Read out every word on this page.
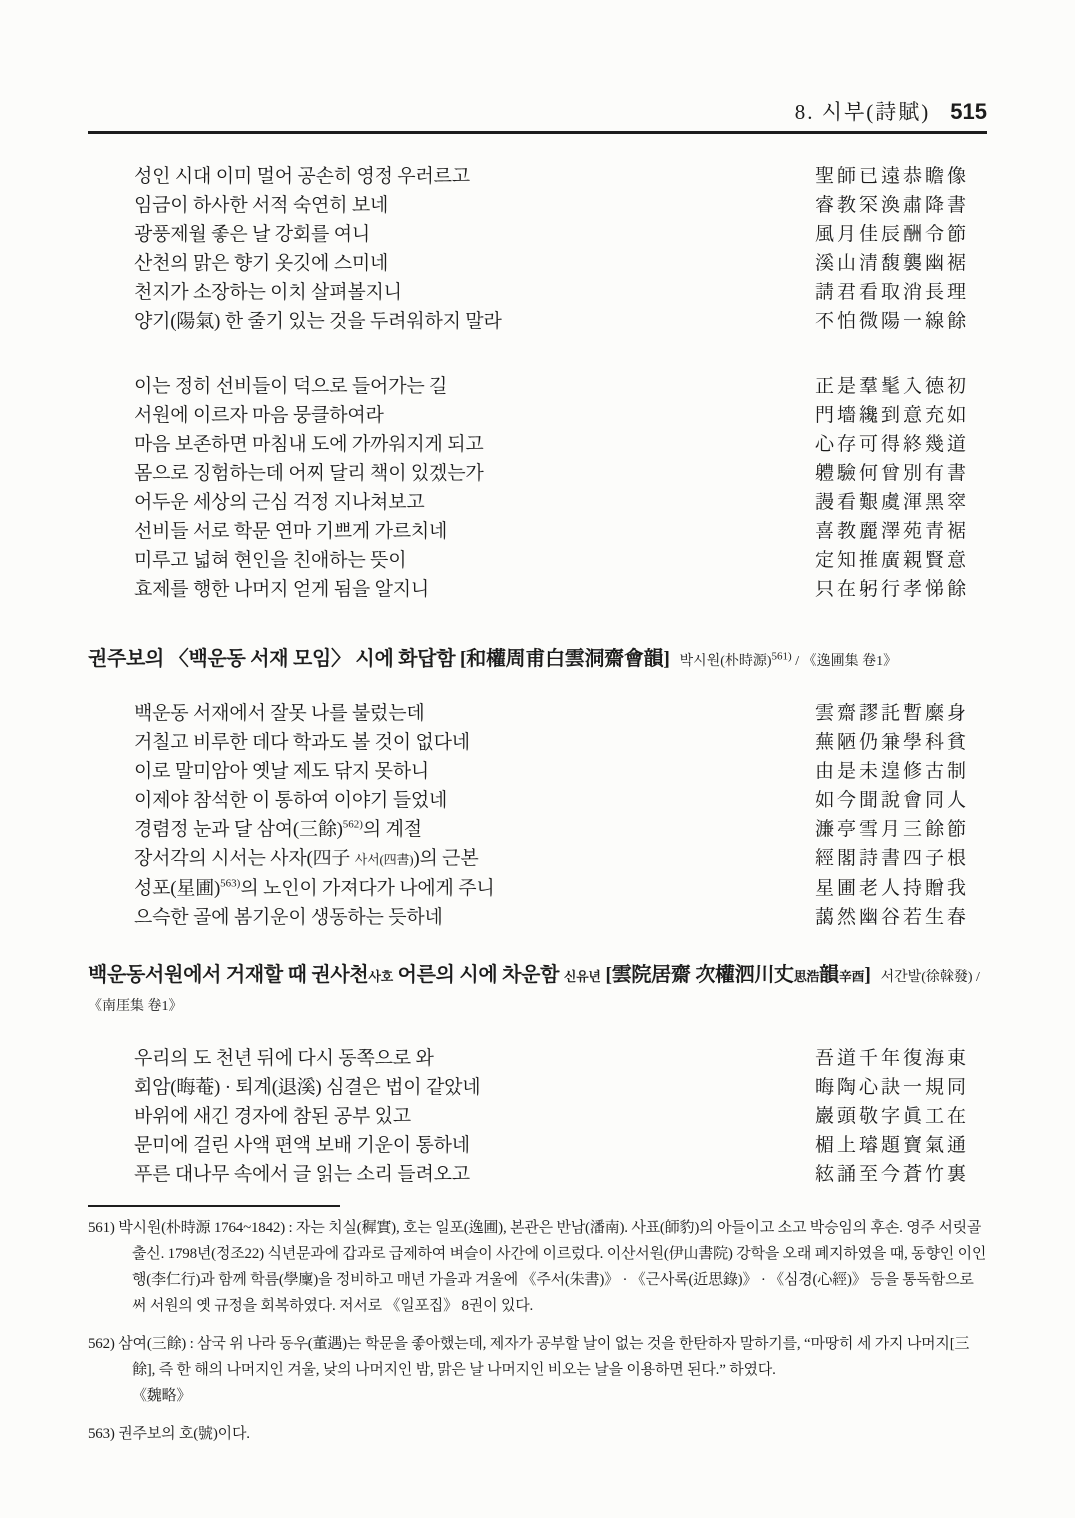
8. 시부(詩賦) 515
성인 시대 이미 멀어 공손히 영정 우러르고	聖師已遠恭瞻像
임금이 하사한 서적 숙연히 보네	睿教罙渙肅降書
광풍제월 좋은 날 강회를 여니	風月佳辰酬令節
산천의 맑은 향기 옷깃에 스미네	溪山清馥襲幽裾
천지가 소장하는 이치 살펴볼지니	請君看取消長理
양기(陽氣) 한 줄기 있는 것을 두려워하지 말라	不怕微陽一線餘
이는 정히 선비들이 덕으로 들어가는 길	正是羣髦入德初
서원에 이르자 마음 뭉클하여라	門墻纔到意充如
마음 보존하면 마침내 도에 가까워지게 되고	心存可得終幾道
몸으로 징험하는데 어찌 달리 책이 있겠는가	軆驗何曾別有書
어두운 세상의 근심 걱정 지나쳐보고	謾看艱虞渾黑窣
선비들 서로 학문 연마 기쁘게 가르치네	喜教麗澤苑青裾
미루고 넓혀 현인을 친애하는 뜻이	定知推廣親賢意
효제를 행한 나머지 얻게 됨을 알지니	只在躬行孝悌餘
권주보의 〈백운동 서재 모임〉 시에 화답함 [和權周甫白雲洞齋會韻] 박시원(朴時源)$^{561)}$ / 《逸圃集 卷1》
백운동 서재에서 잘못 나를 불렀는데	雲齋謬託暫縻身
거칠고 비루한 데다 학과도 볼 것이 없다네	蕪陋仍兼學科貧
이로 말미암아 옛날 제도 닦지 못하니	由是未遑修古制
이제야 참석한 이 통하여 이야기 들었네	如今聞說會同人
경렴정 눈과 달 삼여(三餘)$^{562)}$의 계절	濂亭雪月三餘節
장서각의 시서는 사자(四子 사서(四書))의 근본	經閣詩書四子根
성포(星圃)$^{563)}$의 노인이 가져다가 나에게 주니	星圃老人持贈我
으슥한 골에 봄기운이 생동하는 듯하네	藹然幽谷若生春
백운동서원에서 거재할 때 권사천사호 어른의 시에 차운함 신유년 [雲院居齋 次權泗川丈思浩韻辛酉] 서간발(徐榦發) / 《南厓集 卷1》
우리의 도 천년 뒤에 다시 동쪽으로 와	吾道千年復海東
회암(晦菴) · 퇴계(退溪) 심결은 법이 같았네	晦陶心訣一規同
바위에 새긴 경자에 참된 공부 있고	巖頭敬字眞工在
문미에 걸린 사액 편액 보배 기운이 통하네	楣上璿題寶氣通
푸른 대나무 속에서 글 읽는 소리 들려오고	絃誦至今蒼竹裏

561) 박시원(朴時源 1764~1842) : 자는 치실(穉實), 호는 일포(逸圃), 본관은 반남(潘南). 사표(師豹)의 아들이고 소고 박승임의 후손. 영주 서릿골 출신. 1798년(정조22) 식년문과에 갑과로 급제하여 벼슬이 사간에 이르렀다. 이산서원(伊山書院) 강학을 오래 폐지하였을 때, 동향인 이인행(李仁行)과 함께 학름(學廩)을 정비하고 매년 가을과 겨울에 《주서(朱書)》 · 《근사록(近思錄)》 · 《심경(心經)》 등을 통독함으로써 서원의 옛 규정을 회복하였다. 저서로 《일포집》 8권이 있다.

562) 삼여(三餘) : 삼국 위 나라 동우(董遇)는 학문을 좋아했는데, 제자가 공부할 날이 없는 것을 한탄하자 말하기를, “마땅히 세 가지 나머지[三餘], 즉 한 해의 나머지인 겨울, 낮의 나머지인 밤, 맑은 날 나머지인 비오는 날을 이용하면 된다.” 하였다.
《魏略》

563) 권주보의 호(號)이다.
